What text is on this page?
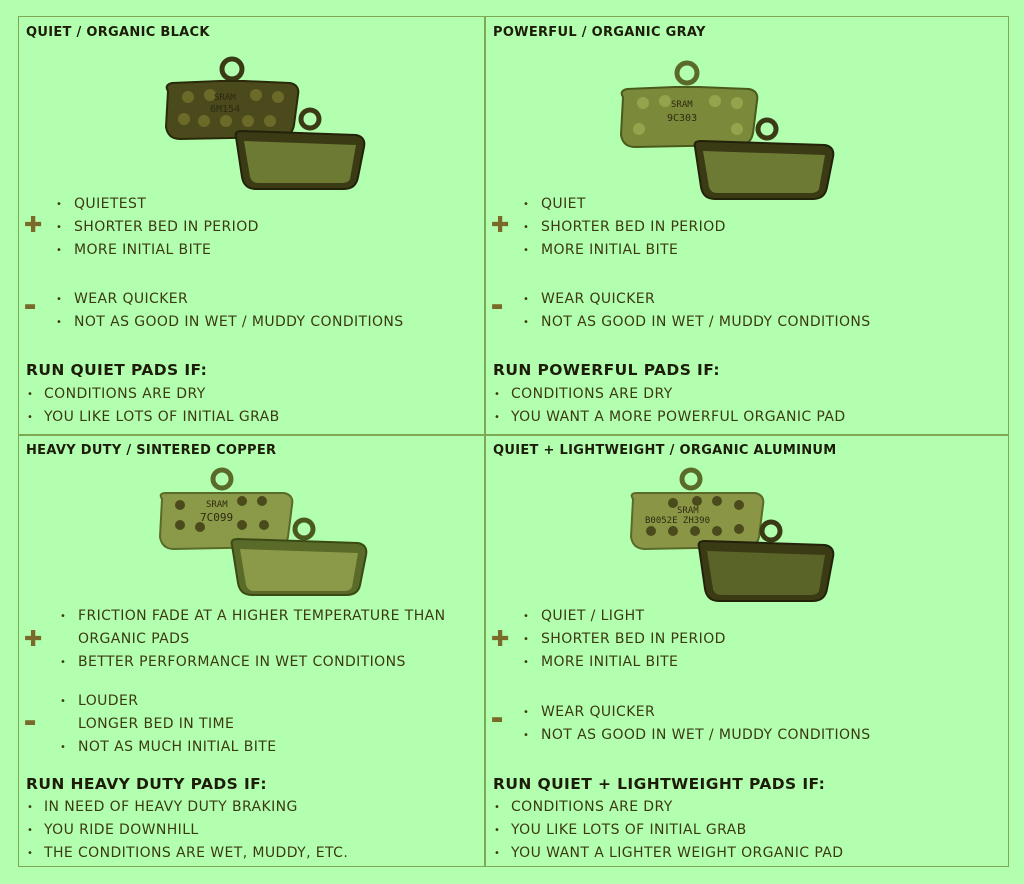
QUIET / ORGANIC BLACK
SRAM
6M154
✚
• QUIETEST
• SHORTER BED IN PERIOD
• MORE INITIAL BITE
▬	• WEAR QUICKER
• NOT AS GOOD IN WET / MUDDY CONDITIONS
RUN QUIET PADS IF:
• CONDITIONS ARE DRY
• YOU LIKE LOTS OF INITIAL GRAB
POWERFUL / ORGANIC GRAY
SRAM
9C303
✚
• QUIET
• SHORTER BED IN PERIOD
• MORE INITIAL BITE
▬	• WEAR QUICKER
• NOT AS GOOD IN WET / MUDDY CONDITIONS
RUN POWERFUL PADS IF:
• CONDITIONS ARE DRY
• YOU WANT A MORE POWERFUL ORGANIC PAD
HEAVY DUTY / SINTERED COPPER
SRAM
7C099
✚
• FRICTION FADE AT A HIGHER TEMPERATURE THAN
ORGANIC PADS
• BETTER PERFORMANCE IN WET CONDITIONS
▬
• LOUDER
LONGER BED IN TIME
• NOT AS MUCH INITIAL BITE
RUN HEAVY DUTY PADS IF:
• IN NEED OF HEAVY DUTY BRAKING
• YOU RIDE DOWNHILL
• THE CONDITIONS ARE WET, MUDDY, ETC.
QUIET + LIGHTWEIGHT / ORGANIC ALUMINUM
SRAM
B0052E ZH390
✚
• QUIET / LIGHT
• SHORTER BED IN PERIOD
• MORE INITIAL BITE
▬	• WEAR QUICKER
• NOT AS GOOD IN WET / MUDDY CONDITIONS
RUN QUIET + LIGHTWEIGHT PADS IF:
• CONDITIONS ARE DRY
• YOU LIKE LOTS OF INITIAL GRAB
• YOU WANT A LIGHTER WEIGHT ORGANIC PAD
